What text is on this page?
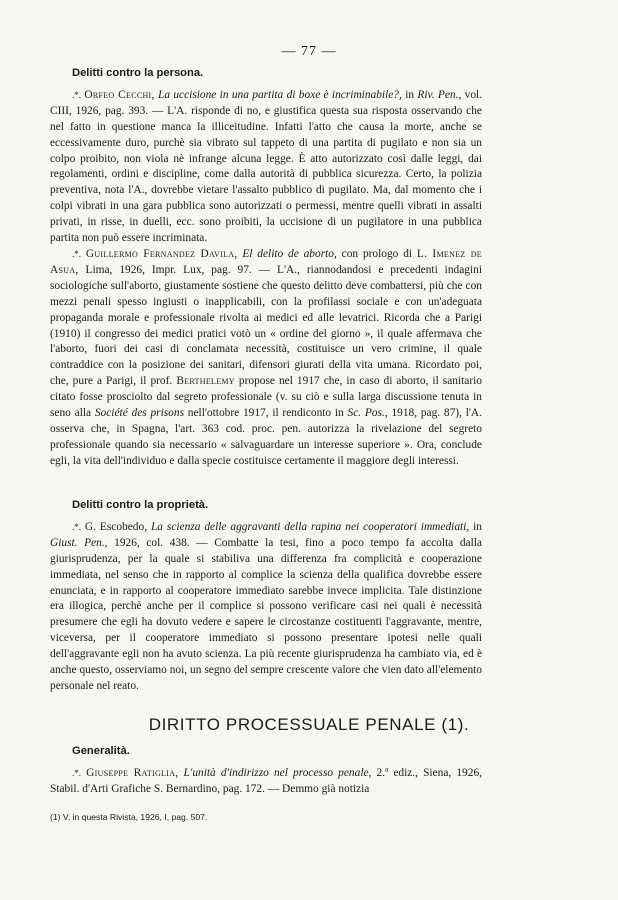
— 77 —

Delitti contro la persona.

.*. Orfeo Cecchi, La uccisione in una partita di boxe è incriminabile?, in Riv. Pen., vol. CIII, 1926, pag. 393. — L'A. risponde di no, e giustifica questa sua risposta osservando che nel fatto in questione manca la illiceitudine. Infatti l'atto che causa la morte, anche se eccessivamente duro, purchè sia vibrato sul tappeto di una partita di pugilato e non sia un colpo proibito, non viola nè infrange alcuna legge. È atto autorizzato così dalle leggi, dai regolamenti, ordini e discipline, come dalla autorità di pubblica sicurezza. Certo, la polizia preventiva, nota l'A., dovrebbe vietare l'assalto pubblico di pugilato. Ma, dal momento che i colpi vibrati in una gara pubblica sono autorizzati o permessi, mentre quelli vibrati in assalti privati, in risse, in duelli, ecc. sono proibiti, la uccisione di un pugilatore in una pubblica partita non può essere incriminata.

.*. Guillermo Fernandez Davila, El delito de aborto, con prologo di L. Imenez de Asua, Lima, 1926, Impr. Lux, pag. 97. — L'A., riannodandosi e precedenti indagini sociologiche sull'aborto, giustamente sostiene che questo delitto deve combattersi, più che con mezzi penali spesso ingiusti o inapplicabili, con la profilassi sociale e con un'adeguata propaganda morale e professionale rivolta ai medici ed alle levatrici. Ricorda che a Parigi (1910) il congresso dei medici pratici votò un « ordine del giorno », il quale affermava che l'aborto, fuori dei casi di conclamata necessità, costituisce un vero crimine, il quale contraddice con la posizione dei sanitari, difensori giurati della vita umana. Ricordato poi, che, pure a Parigi, il prof. Berthelemy propose nel 1917 che, in caso di aborto, il sanitario citato fosse prosciolto dal segreto professionale (v. su ciò e sulla larga discussione tenuta in seno alla Société des prisons nell'ottobre 1917, il rendiconto in Sc. Pos., 1918, pag. 87), l'A. osserva che, in Spagna, l'art. 363 cod. proc. pen. autorizza la rivelazione del segreto professionale quando sia necessario « salvaguardare un interesse superiore ». Ora, conclude egli, la vita dell'individuo e dalla specie costituisce certamente il maggiore degli interessi.

Delitti contro la proprietà.

.*. G. Escobedo, La scienza delle aggravanti della rapina nei cooperatori immediati, in Giust. Pen., 1926, col. 438. — Combatte la tesi, fino a poco tempo fa accolta dalla giurisprudenza, per la quale si stabiliva una differenza fra complicità e cooperazione immediata, nel senso che in rapporto al complice la scienza della qualifica dovrebbe essere enunciata, e in rapporto al cooperatore immediato sarebbe invece implicita. Tale distinzione era illogica, perchè anche per il complice si possono verificare casi nei quali è necessità presumere che egli ha dovuto vedere e sapere le circostanze costituenti l'aggravante, mentre, viceversa, per il cooperatore immediato si possono presentare ipotesi nelle quali dell'aggravante egli non ha avuto scienza. La più recente giurisprudenza ha cambiato via, ed è anche questo, osserviamo noi, un segno del sempre crescente valore che vien dato all'elemento personale nel reato.

DIRITTO PROCESSUALE PENALE (1).

Generalità.

.*. Giuseppe Ratiglia, L'unità d'indirizzo nel processo penale, 2.ª ediz., Siena, 1926, Stabil. d'Arti Grafiche S. Bernardino, pag. 172. — Demmo già notizia

(1) V. in questa Rivista, 1926, I, pag. 507.
